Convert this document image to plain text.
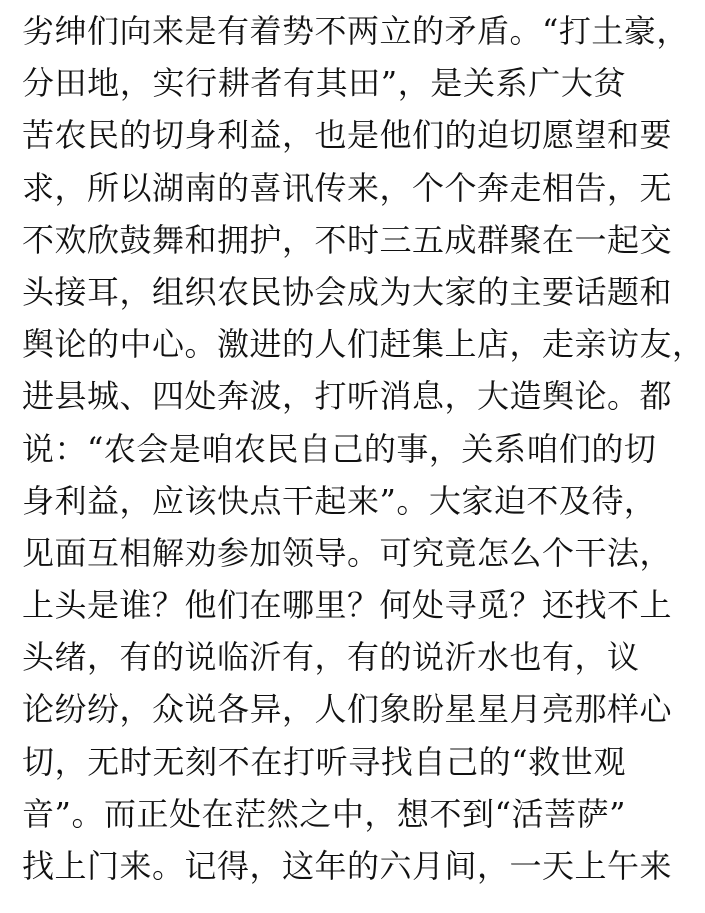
劣绅们向来是有着势不两立的矛盾。“打土豪，
分田地，实行耕者有其田”，是关系广大贫
苦农民的切身利益，也是他们的迫切愿望和要
求，所以湖南的喜讯传来，个个奔走相告，无
不欢欣鼓舞和拥护，不时三五成群聚在一起交
头接耳，组织农民协会成为大家的主要话题和
舆论的中心。激进的人们赶集上店，走亲访友，
进县城、四处奔波，打听消息，大造舆论。都
说：“农会是咱农民自己的事，关系咱们的切
身利益，应该快点干起来”。大家迫不及待，
见面互相解劝参加领导。可究竟怎么个干法，
上头是谁？他们在哪里？何处寻觅？还找不上
头绪，有的说临沂有，有的说沂水也有，议
论纷纷，众说各异，人们象盼星星月亮那样心
切，无时无刻不在打听寻找自己的“救世观
音”。而正处在茫然之中，想不到“活菩萨”
找上门来。记得，这年的六月间，一天上午来
